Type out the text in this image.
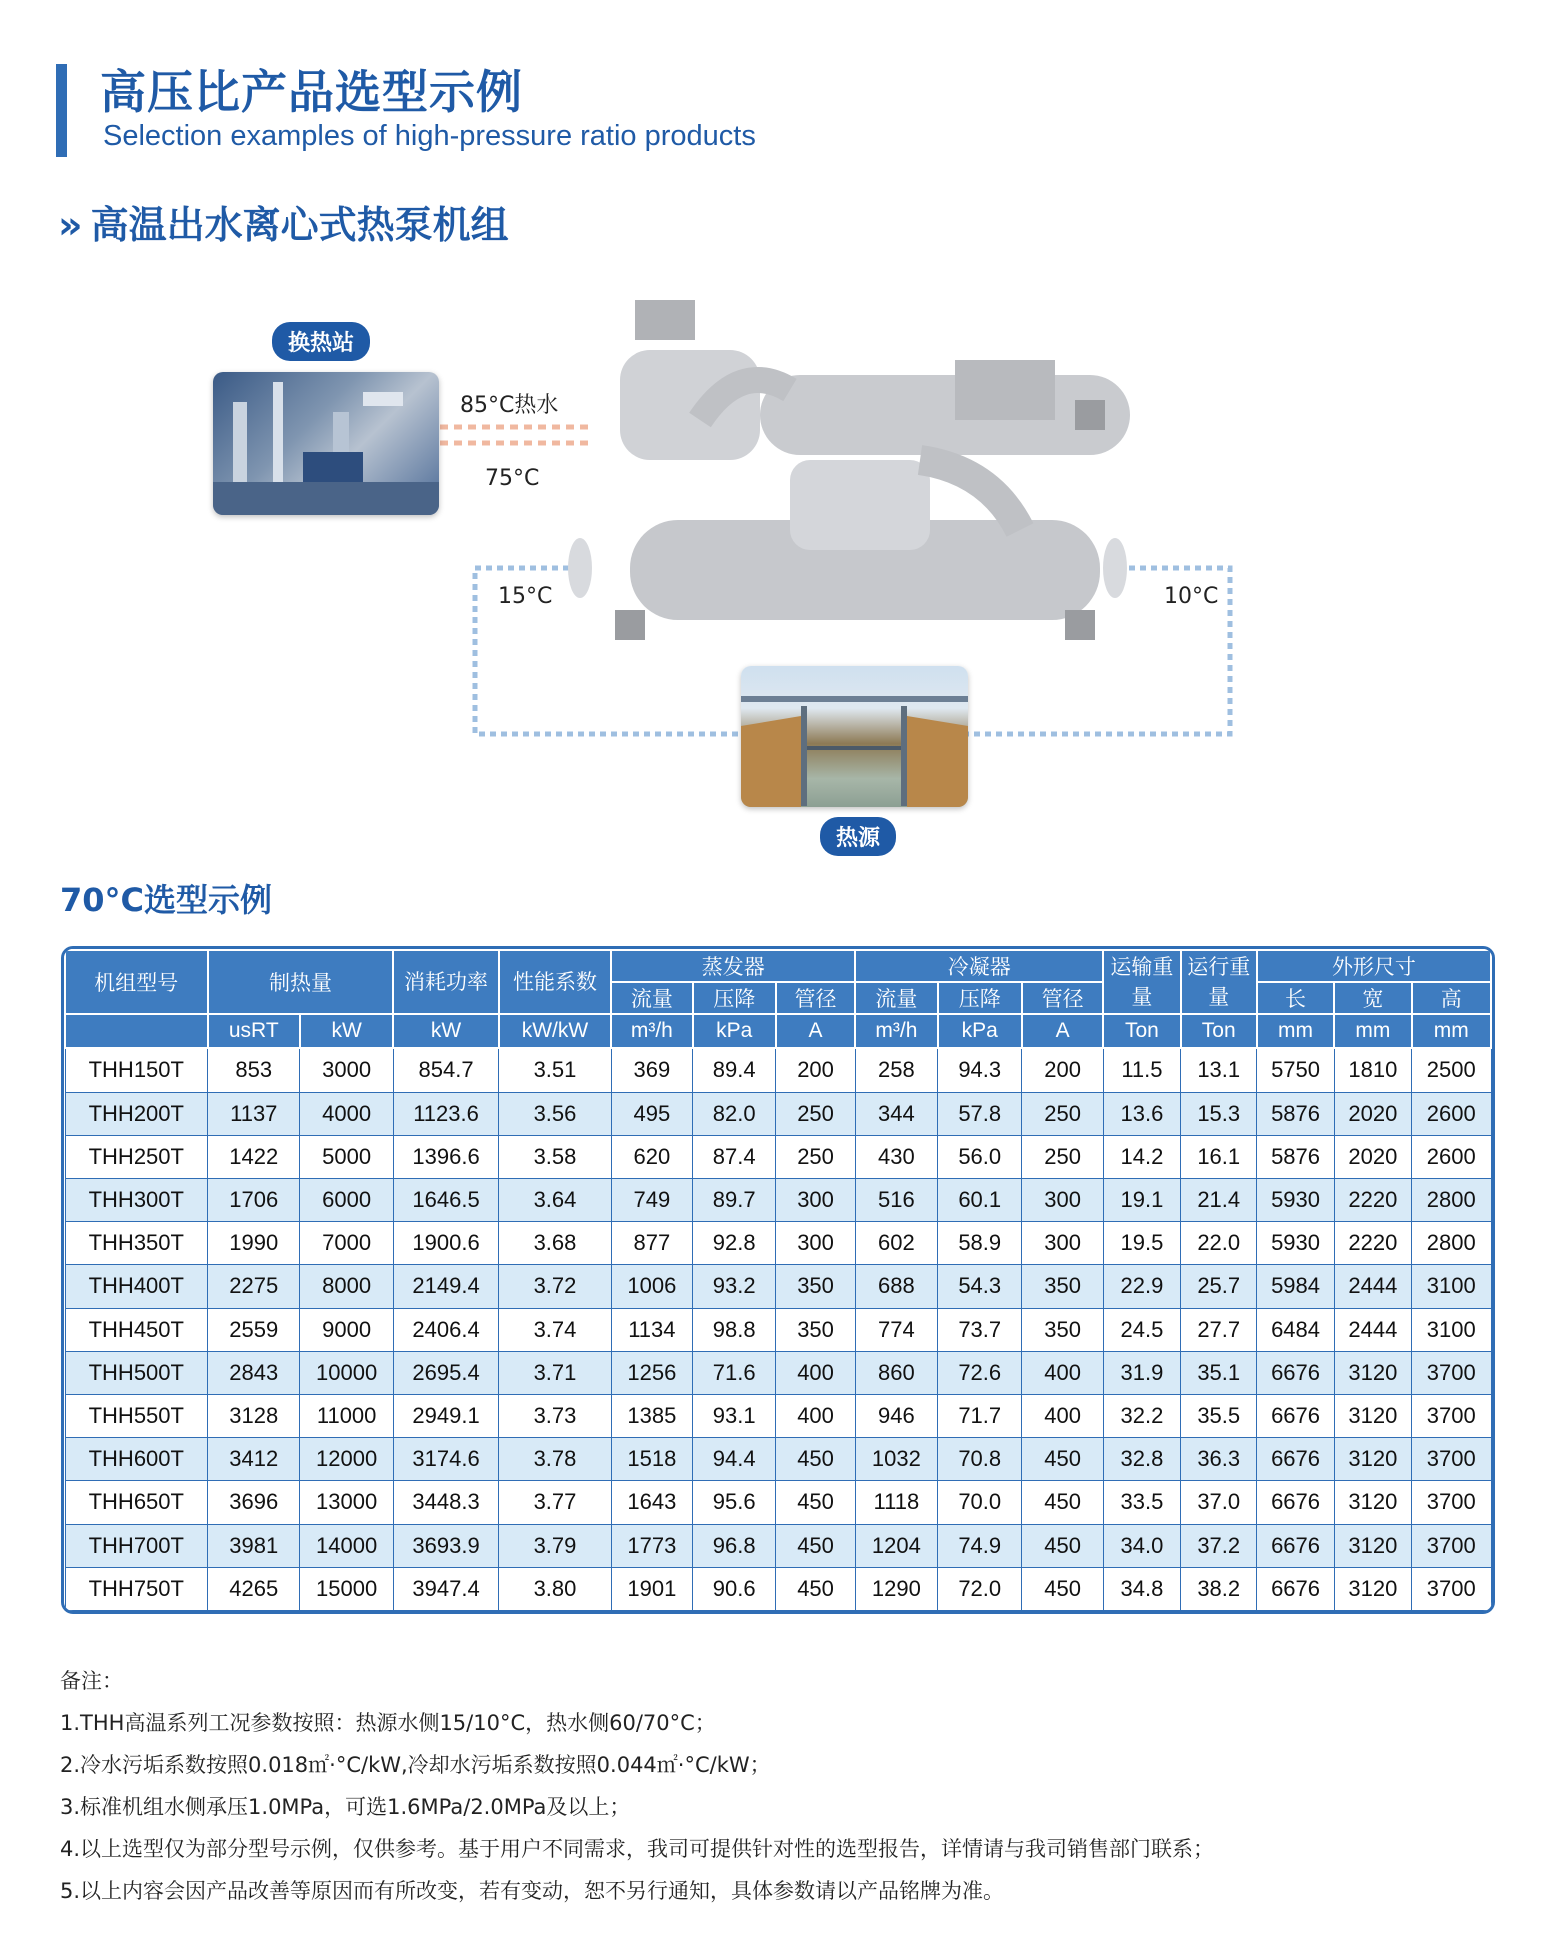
高压比产品选型示例
Selection examples of high-pressure ratio products
» 高温出水离心式热泵机组
换热站
85°C热水
75°C
15°C	10°C
热源
70°C选型示例
机组型号	制热量		消耗功率	性能系数	蒸发器			冷凝器			运输重量	运行重量	外形尺寸		
					流量	压降	管径	流量	压降	管径			长	宽	高
	usRT	kW	kW	kW/kW	m³/h	kPa	A	m³/h	kPa	A	Ton	Ton	mm	mm	mm
THH150T	853	3000	854.7	3.51	369	89.4	200	258	94.3	200	11.5	13.1	5750	1810	2500
THH200T	1137	4000	1123.6	3.56	495	82.0	250	344	57.8	250	13.6	15.3	5876	2020	2600
THH250T	1422	5000	1396.6	3.58	620	87.4	250	430	56.0	250	14.2	16.1	5876	2020	2600
THH300T	1706	6000	1646.5	3.64	749	89.7	300	516	60.1	300	19.1	21.4	5930	2220	2800
THH350T	1990	7000	1900.6	3.68	877	92.8	300	602	58.9	300	19.5	22.0	5930	2220	2800
THH400T	2275	8000	2149.4	3.72	1006	93.2	350	688	54.3	350	22.9	25.7	5984	2444	3100
THH450T	2559	9000	2406.4	3.74	1134	98.8	350	774	73.7	350	24.5	27.7	6484	2444	3100
THH500T	2843	10000	2695.4	3.71	1256	71.6	400	860	72.6	400	31.9	35.1	6676	3120	3700
THH550T	3128	11000	2949.1	3.73	1385	93.1	400	946	71.7	400	32.2	35.5	6676	3120	3700
THH600T	3412	12000	3174.6	3.78	1518	94.4	450	1032	70.8	450	32.8	36.3	6676	3120	3700
THH650T	3696	13000	3448.3	3.77	1643	95.6	450	1118	70.0	450	33.5	37.0	6676	3120	3700
THH700T	3981	14000	3693.9	3.79	1773	96.8	450	1204	74.9	450	34.0	37.2	6676	3120	3700
THH750T	4265	15000	3947.4	3.80	1901	90.6	450	1290	72.0	450	34.8	38.2	6676	3120	3700
备注：
1.THH高温系列工况参数按照：热源水侧15/10°C，热水侧60/70°C；
2.冷水污垢系数按照0.018㎡·°C/kW,冷却水污垢系数按照0.044㎡·°C/kW；
3.标准机组水侧承压1.0MPa，可选1.6MPa/2.0MPa及以上；
4.以上选型仅为部分型号示例，仅供参考。基于用户不同需求，我司可提供针对性的选型报告，详情请与我司销售部门联系；
5.以上内容会因产品改善等原因而有所改变，若有变动，恕不另行通知，具体参数请以产品铭牌为准。
